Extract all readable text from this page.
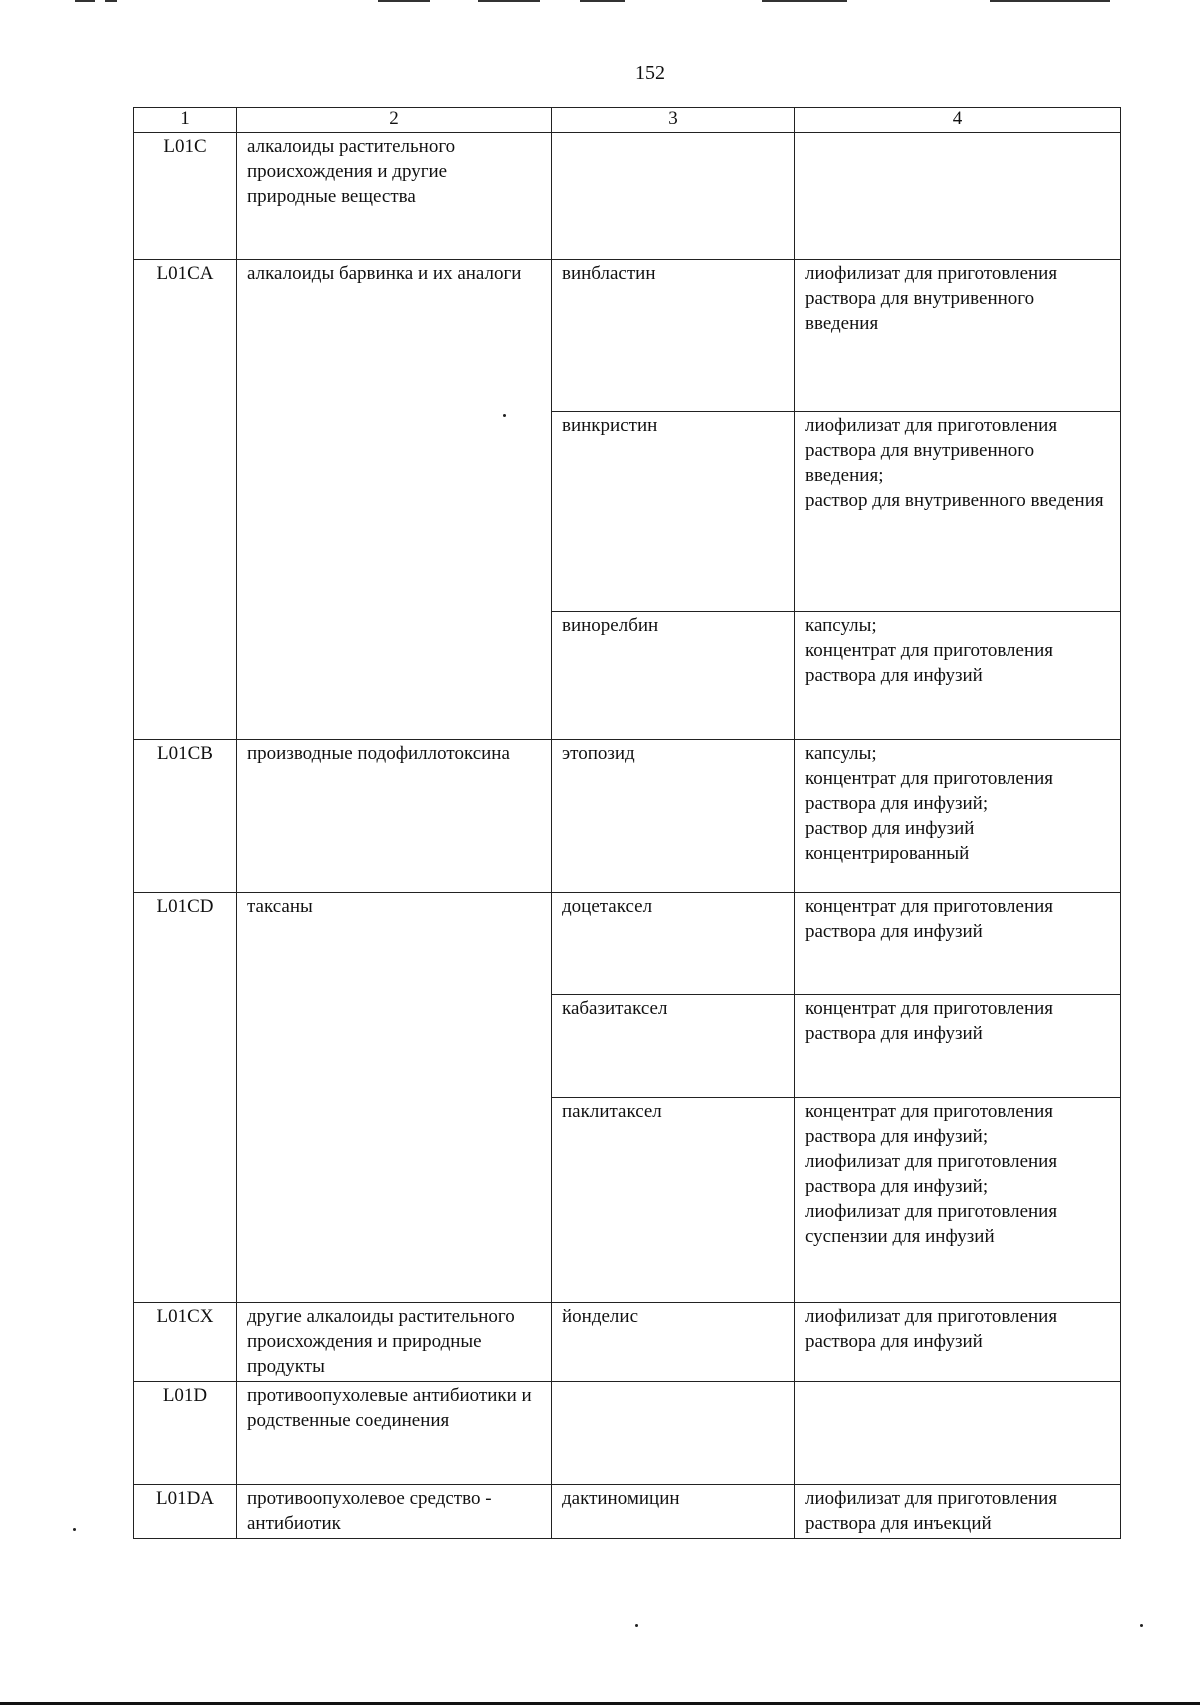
152
1	2	3	4
L01C	алкалоиды растительного происхождения и другие природные вещества		
L01CA	алкалоиды барвинка и их аналоги	винбластин	лиофилизат для приготовления раствора для внутривенного введения
		винкристин	лиофилизат для приготовления раствора для внутривенного введения;
раствор для внутривенного введения
		винорелбин	капсулы;
концентрат для приготовления раствора для инфузий
L01CB	производные подофиллотоксина	этопозид	капсулы;
концентрат для приготовления раствора для инфузий;
раствор для инфузий концентрированный
L01CD	таксаны	доцетаксел	концентрат для приготовления раствора для инфузий
		кабазитаксел	концентрат для приготовления раствора для инфузий
		паклитаксел	концентрат для приготовления раствора для инфузий;
лиофилизат для приготовления раствора для инфузий;
лиофилизат для приготовления суспензии для инфузий
L01CX	другие алкалоиды растительного происхождения и природные продукты	йонделис	лиофилизат для приготовления раствора для инфузий
L01D	противоопухолевые антибиотики и родственные соединения		
L01DA	противоопухолевое средство - антибиотик	дактиномицин	лиофилизат для приготовления раствора для инъекций
